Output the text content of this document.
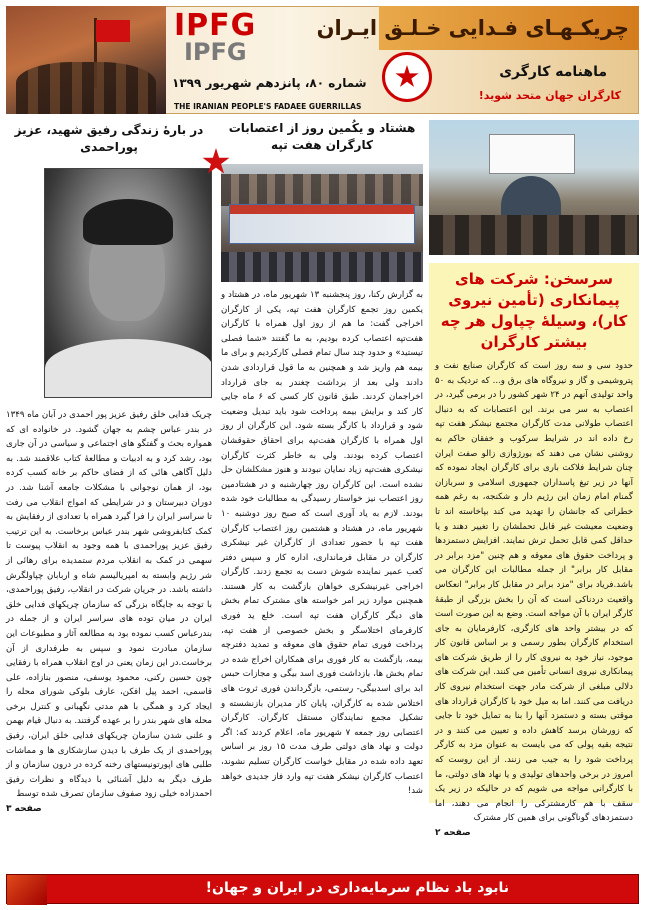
چریکـهـای فـدایی خـلـق ایـران
ماهنامه کارگری
کارگران جهان متحد شوید!
IPFG
IPFG
شماره ۸۰، پانزدهم شهریور ۱۳۹۹
THE IRANIAN PEOPLE'S FADAEE GUERRILLAS
سرسخن: شرکت های پیمانکاری (تأمین نیروی کار)، وسیلهٔ چپاول هر چه بیشتر کارگران
حدود سی و سه روز است که کارگران صنایع نفت و پتروشیمی و گاز و نیروگاه های برق و... که تردیک به ۵۰ واحد تولیدی آنهم در ۲۴ شهر کشور را در برمی گیرد، در اعتصاب به سر می برند. این اعتصابات که به دنبال اعتصاب طولانی مدت کارگران مجتمع نیشکر هفت تپه رخ داده اند در شرایط سرکوب و خفقان حاکم به روشنی نشان می دهند که بورژوازی زالو صفت ایران چنان شرایط فلاکت باری برای کارگران ایجاد نموده که آنها در زیر تیغ پاسداران جمهوری اسلامی و سربازان گمنام امام زمان این رژیم دار و شکنجه، به رغم همه خطراتی که جانشان را تهدید می کند بپاخاسته اند تا وضعیت معیشت غیر قابل تحملشان را تغییر دهند و یا حداقل کمی قابل تحمل ترش نمایند. افزایش دستمزدها و پرداخت حقوق های معوقه و هم چنین "مزد برابر در مقابل کار برابر" از جمله مطالبات این کارگران می باشد.فریاد برای "مزد برابر در مقابل کار برابر" انعکاس واقعیت دردناکی است که آن را بخش بزرگی از طبقهٔ کارگر ایران با آن مواجه است. وضع به این صورت است که در بیشتر واحد های کارگری، کارفرمایان به جای استخدام کارگران بطور رسمی و بر اساس قانون کار موجود، نیاز خود به نیروی کار را از طریق شرکت های پیمانکاری نیروی انسانی تأمین می کنند. این شرکت های دلالی مبلغی از شرکت مادر جهت استخدام نیروی کار دریافت می کنند. اما به میل خود با کارگران قرارداد های موقتی بسته و دستمزد آنها را بنا به تمایل خود تا جایی که زورشان برسد کاهش داده و تعیین می کنند و در نتیجه بقیه پولی که می بایست به عنوان مزد به کارگر پرداخت شود را به جیب می زنند. از این روست که امروز در برخی واحدهای تولیدی و یا نهاد های دولتی، ما با کارگرانی مواجه می شویم که در حالیکه در زیر یک سقف با هم کارمشترکی را انجام می دهند، اما دستمزدهای گوناگونی برای همین کار مشترک
صفحه ۲
هشتاد و یکُمین روز از اعتصابات کارگران هفت تپه
به گزارش رکنا، روز پنجشنبه ۱۳ شهریور ماه، در هشتاد و یکمین روز تجمع کارگران هفت تپه، یکی از کارگران اخراجی گفت: ما هم از روز اول همراه با کارگران هفت‌تپه اعتصاب کرده بودیم، به ما گفتند «شما فصلی تیستید» و حدود چند سال تمام فصلی کارکردیم و برای ما بیمه هم واریز شد و همچنین به ما قول قراردادی شدن دادند ولی بعد از برداشت چغندر به جای قرارداد اخراجمان کردند. طبق قانون کار کسی که ۶ ماه جایی کار کند و برایش بیمه پرداخت شود باید تبدیل وضعیت شود و قرارداد با کارگر بسته شود. این کارگران از روز اول همراه با کارگران هفت‌تپه برای احقاق حقوقشان اعتصاب کرده بودند. ولی به خاطر کثرت کارگران نیشکری هفت‌تپه زیاد نمایان نبودند و هنوز مشکلشان حل نشده است. این کارگران روز چهارشنبه و در هشتادمین روز اعتصاب نیز خواستار رسیدگی به مطالبات خود شده بودند. لازم به یاد آوری است که صبح روز دوشنبه ۱۰ شهریور ماه، در هشتاد و هشتمین روز اعتصاب کارگران هفت تپه با حضور تعدادی از کارگران غیر نیشکری کارگران در مقابل فرمانداری، اداره کار و سپس دفتر کعب عمیر نماینده شوش دست به تجمع زدند. کارگران اخراجی غیرنیشکری خواهان بازگشت به کار هستند. همچنین موارد زیر امر خواسته های مشترک تمام بخش های دیگر کارگران هفت تپه است. خلع ید فوری کارفرمای اختلاسگر و بخش خصوصی از هفت تپه، پرداخت فوری تمام حقوق های معوقه و تمدید دفترچه بیمه، بازگشت به کار فوری برای همکاران اخراج شده در تمام بخش ها، بازداشت فوری اسد بیگی و مجازات حبس ابد برای اسدبیگی- رستمی، بازگرداندن فوری ثروت های اختلاس شده به کارگران، پایان کار مدیران بازنشسته و تشکیل مجمع نمایندگان مستقل کارگران. کارگران اعتصابی روز جمعه ۷ شهریور ماه، اعلام کردند که: اگر دولت و نهاد های دولتی طرف مدت ۱۵ روز بر اساس تعهد داده شده در مقابل خواست کارگران تسلیم نشوند، اعتصاب کارگران نیشکر هفت تپه وارد فاز جدیدی خواهد شد!
در بارهٔ زندگی رفیق شهید، عزیز پوراحمدی
چریک فدایی خلق رفیق عزیز پور احمدی در آبان ماه ۱۳۴۹ در بندر عباس چشم به جهان گشود. در خانواده ای که همواره بحث و گفتگو های اجتماعی و سیاسی در آن جاری بود، رشد کرد و به ادبیات و مطالعهٔ کتاب علاقمند شد. به دلیل آگاهی هائی که از فضای حاکم بر خانه کسب کرده بود، از همان نوجوانی با مشکلات جامعه آشنا شد. در دوران دبیرستان و در شرایطی که امواج انقلاب می رفت تا سراسر ایران را فرا گیرد همراه با تعدادی از رفقایش به کمک کتابفروشی شهر بندر عباس برخاست. به این ترتیب رفیق عزیز پوراحمدی با همه وجود به انقلاب پیوست تا سهمی در کمک به انقلاب مردم ستمدیده برای رهائی از شر رژیم وابسته به امپریالیسم شاه و اربابان چپاولگرش داشته باشد. در جریان شرکت در انقلاب، رفیق پوراحمدی، با توجه به جایگاه بزرگی که سازمان چریکهای فدایی خلق ایران در میان توده های سراسر ایران و از جمله در بندرعباس کسب نموده بود به مطالعه آثار و مطبوعات این سازمان مبادرت نمود و سپس به طرفداری از آن برخاست.در این زمان یعنی در اوج انقلاب همراه با رفقایی چون حسین رکنی، محمود یوسفی، منصور بنازاده، علی قاسمی، احمد پیل افکن، عارف بلوکی شورای محله را ایجاد کرد و همگی با هم مدتی نگهبانی و کنترل برخی محله های شهر بندر را بر عهده گرفتند. به دنبال قیام بهمن و علنی شدن سازمان چریکهای فدایی خلق ایران، رفیق پوراحمدی از یک طرف با دیدن سازشکاری ها و مماشات طلبی های اپورتونیستهای رخنه کرده در درون سازمان و از طرف دیگر به دلیل آشنائی با دیدگاه و نظرات رفیق احمدزاده خیلی زود صفوف سازمان تصرف شده توسط
صفحه ۳
نابود باد نظام سرمایه‌داری در ایران و جهان!
